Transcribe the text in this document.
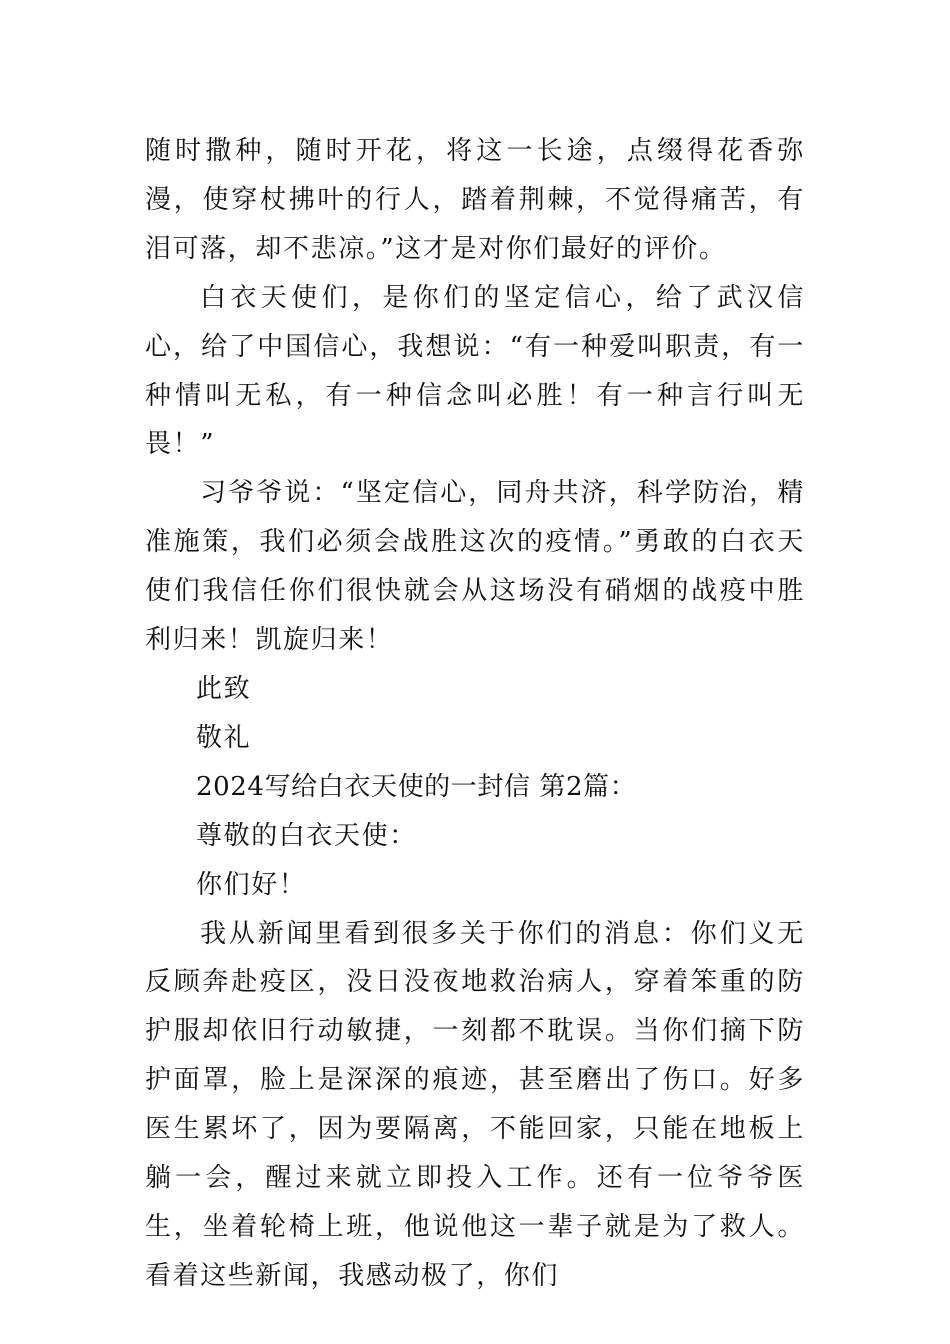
随时撒种，随时开花，将这一长途，点缀得花香弥漫，使穿杖拂叶的行人，踏着荆棘，不觉得痛苦，有泪可落，却不悲凉。”这才是对你们最好的评价。

白衣天使们，是你们的坚定信心，给了武汉信心，给了中国信心，我想说：“有一种爱叫职责，有一种情叫无私，有一种信念叫必胜！有一种言行叫无畏！”

习爷爷说：“坚定信心，同舟共济，科学防治，精准施策，我们必须会战胜这次的疫情。”勇敢的白衣天使们我信任你们很快就会从这场没有硝烟的战疫中胜利归来！凯旋归来！

此致

敬礼

2024写给白衣天使的一封信 第2篇：

尊敬的白衣天使：

你们好！

我从新闻里看到很多关于你们的消息：你们义无反顾奔赴疫区，没日没夜地救治病人，穿着笨重的防护服却依旧行动敏捷，一刻都不耽误。当你们摘下防护面罩，脸上是深深的痕迹，甚至磨出了伤口。好多医生累坏了，因为要隔离，不能回家，只能在地板上躺一会，醒过来就立即投入工作。还有一位爷爷医生，坐着轮椅上班，他说他这一辈子就是为了救人。看着这些新闻，我感动极了，你们
